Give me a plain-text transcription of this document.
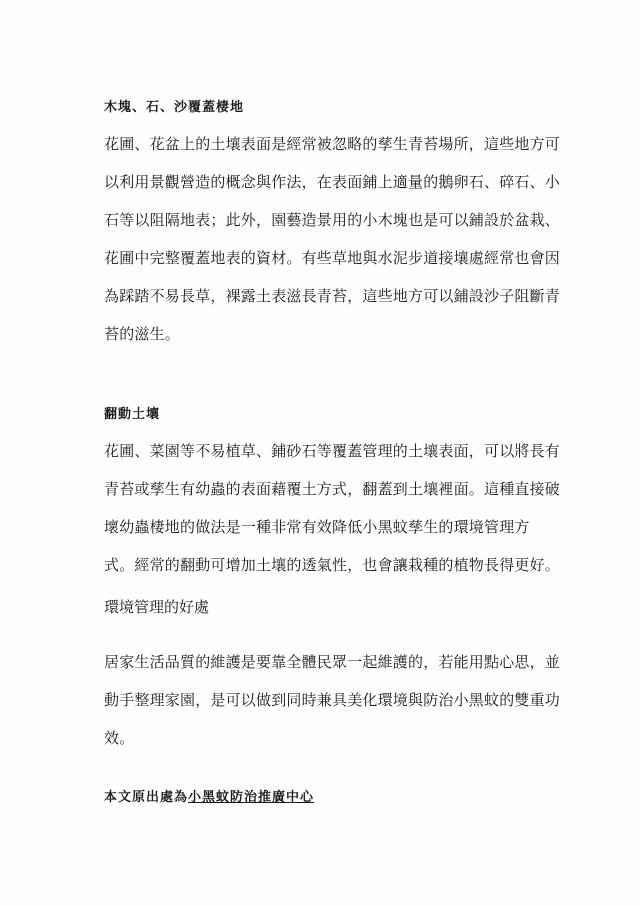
木塊、石、沙覆蓋棲地

花圃、花盆上的土壤表面是經常被忽略的孳生青苔場所，這些地方可
以利用景觀營造的概念與作法，在表面鋪上適量的鵝卵石、碎石、小
石等以阻隔地表；此外，園藝造景用的小木塊也是可以鋪設於盆栽、
花圃中完整覆蓋地表的資材。有些草地與水泥步道接壤處經常也會因
為踩踏不易長草，裸露土表滋長青苔，這些地方可以鋪設沙子阻斷青
苔的滋生。

翻動土壤

花圃、菜園等不易植草、鋪砂石等覆蓋管理的土壤表面，可以將長有
青苔或孳生有幼蟲的表面藉覆土方式，翻蓋到土壤裡面。這種直接破
壞幼蟲棲地的做法是一種非常有效降低小黑蚊孳生的環境管理方
式。經常的翻動可增加土壤的透氣性，也會讓栽種的植物長得更好。

環境管理的好處

居家生活品質的維護是要靠全體民眾一起維護的，若能用點心思，並
動手整理家園，是可以做到同時兼具美化環境與防治小黑蚊的雙重功
效。

本文原出處為小黑蚊防治推廣中心
